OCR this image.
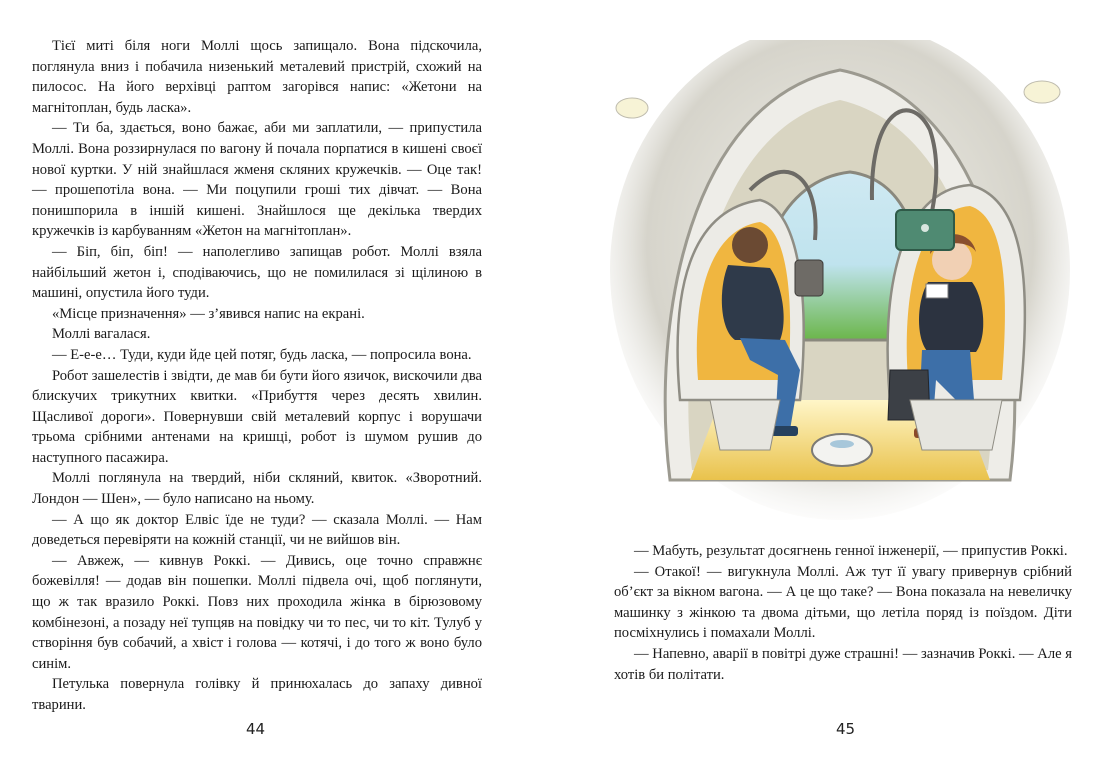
Тієї миті біля ноги Моллі щось запищало. Вона підскочила, поглянула вниз і побачила низенький металевий пристрій, схожий на пилосос. На його верхівці раптом загорівся напис: «Жетони на магнітоплан, будь ласка».

— Ти ба, здається, воно бажає, аби ми заплатили, — припустила Моллі. Вона роззирнулася по вагону й почала порпатися в кишені своєї нової куртки. У ній знайшлася жменя скляних кружечків. — Оце так! — прошепотіла вона. — Ми поцупили гроші тих дівчат. — Вона понишпорила в іншій кишені. Знайшлося ще декілька твердих кружечків із карбуванням «Жетон на магнітоплан».

— Біп, біп, біп! — наполегливо запищав робот. Моллі взяла найбільший жетон і, сподіваючись, що не помилилася зі щілиною в машині, опустила його туди.

«Місце призначення» — з’явився напис на екрані.

Моллі вагалася.

— Е-е-е… Туди, куди йде цей потяг, будь ласка, — попросила вона.

Робот зашелестів і звідти, де мав би бути його язичок, вискочили два блискучих трикутних квитки. «Прибуття через десять хвилин. Щасливої дороги». Повернувши свій металевий корпус і ворушачи трьома срібними антенами на кришці, робот із шумом рушив до наступного пасажира.

Моллі поглянула на твердий, ніби скляний, квиток. «Зворотний. Лондон — Шен», — було написано на ньому.

— А що як доктор Елвіс їде не туди? — сказала Моллі. — Нам доведеться перевіряти на кожній станції, чи не вийшов він.

— Авжеж, — кивнув Роккі. — Дивись, оце точно справжнє божевілля! — додав він пошепки. Моллі підвела очі, щоб поглянути, що ж так вразило Роккі. Повз них проходила жінка в бірюзовому комбінезоні, а позаду неї тупцяв на повідку чи то пес, чи то кіт. Тулуб у створіння був собачий, а хвіст і голова — котячі, і до того ж воно було синім.

Петулька повернула голівку й принюхалась до запаху дивної тварини.

44

— Мабуть, результат досягнень генної інженерії, — припустив Роккі.

— Отакої! — вигукнула Моллі. Аж тут її увагу привернув срібний об’єкт за вікном вагона. — А це що таке? — Вона показала на невеличку машинку з жінкою та двома дітьми, що летіла поряд із поїздом. Діти посміхнулись і помахали Моллі.

— Напевно, аварії в повітрі дуже страшні! — зазначив Роккі. — Але я хотів би політати.

45
